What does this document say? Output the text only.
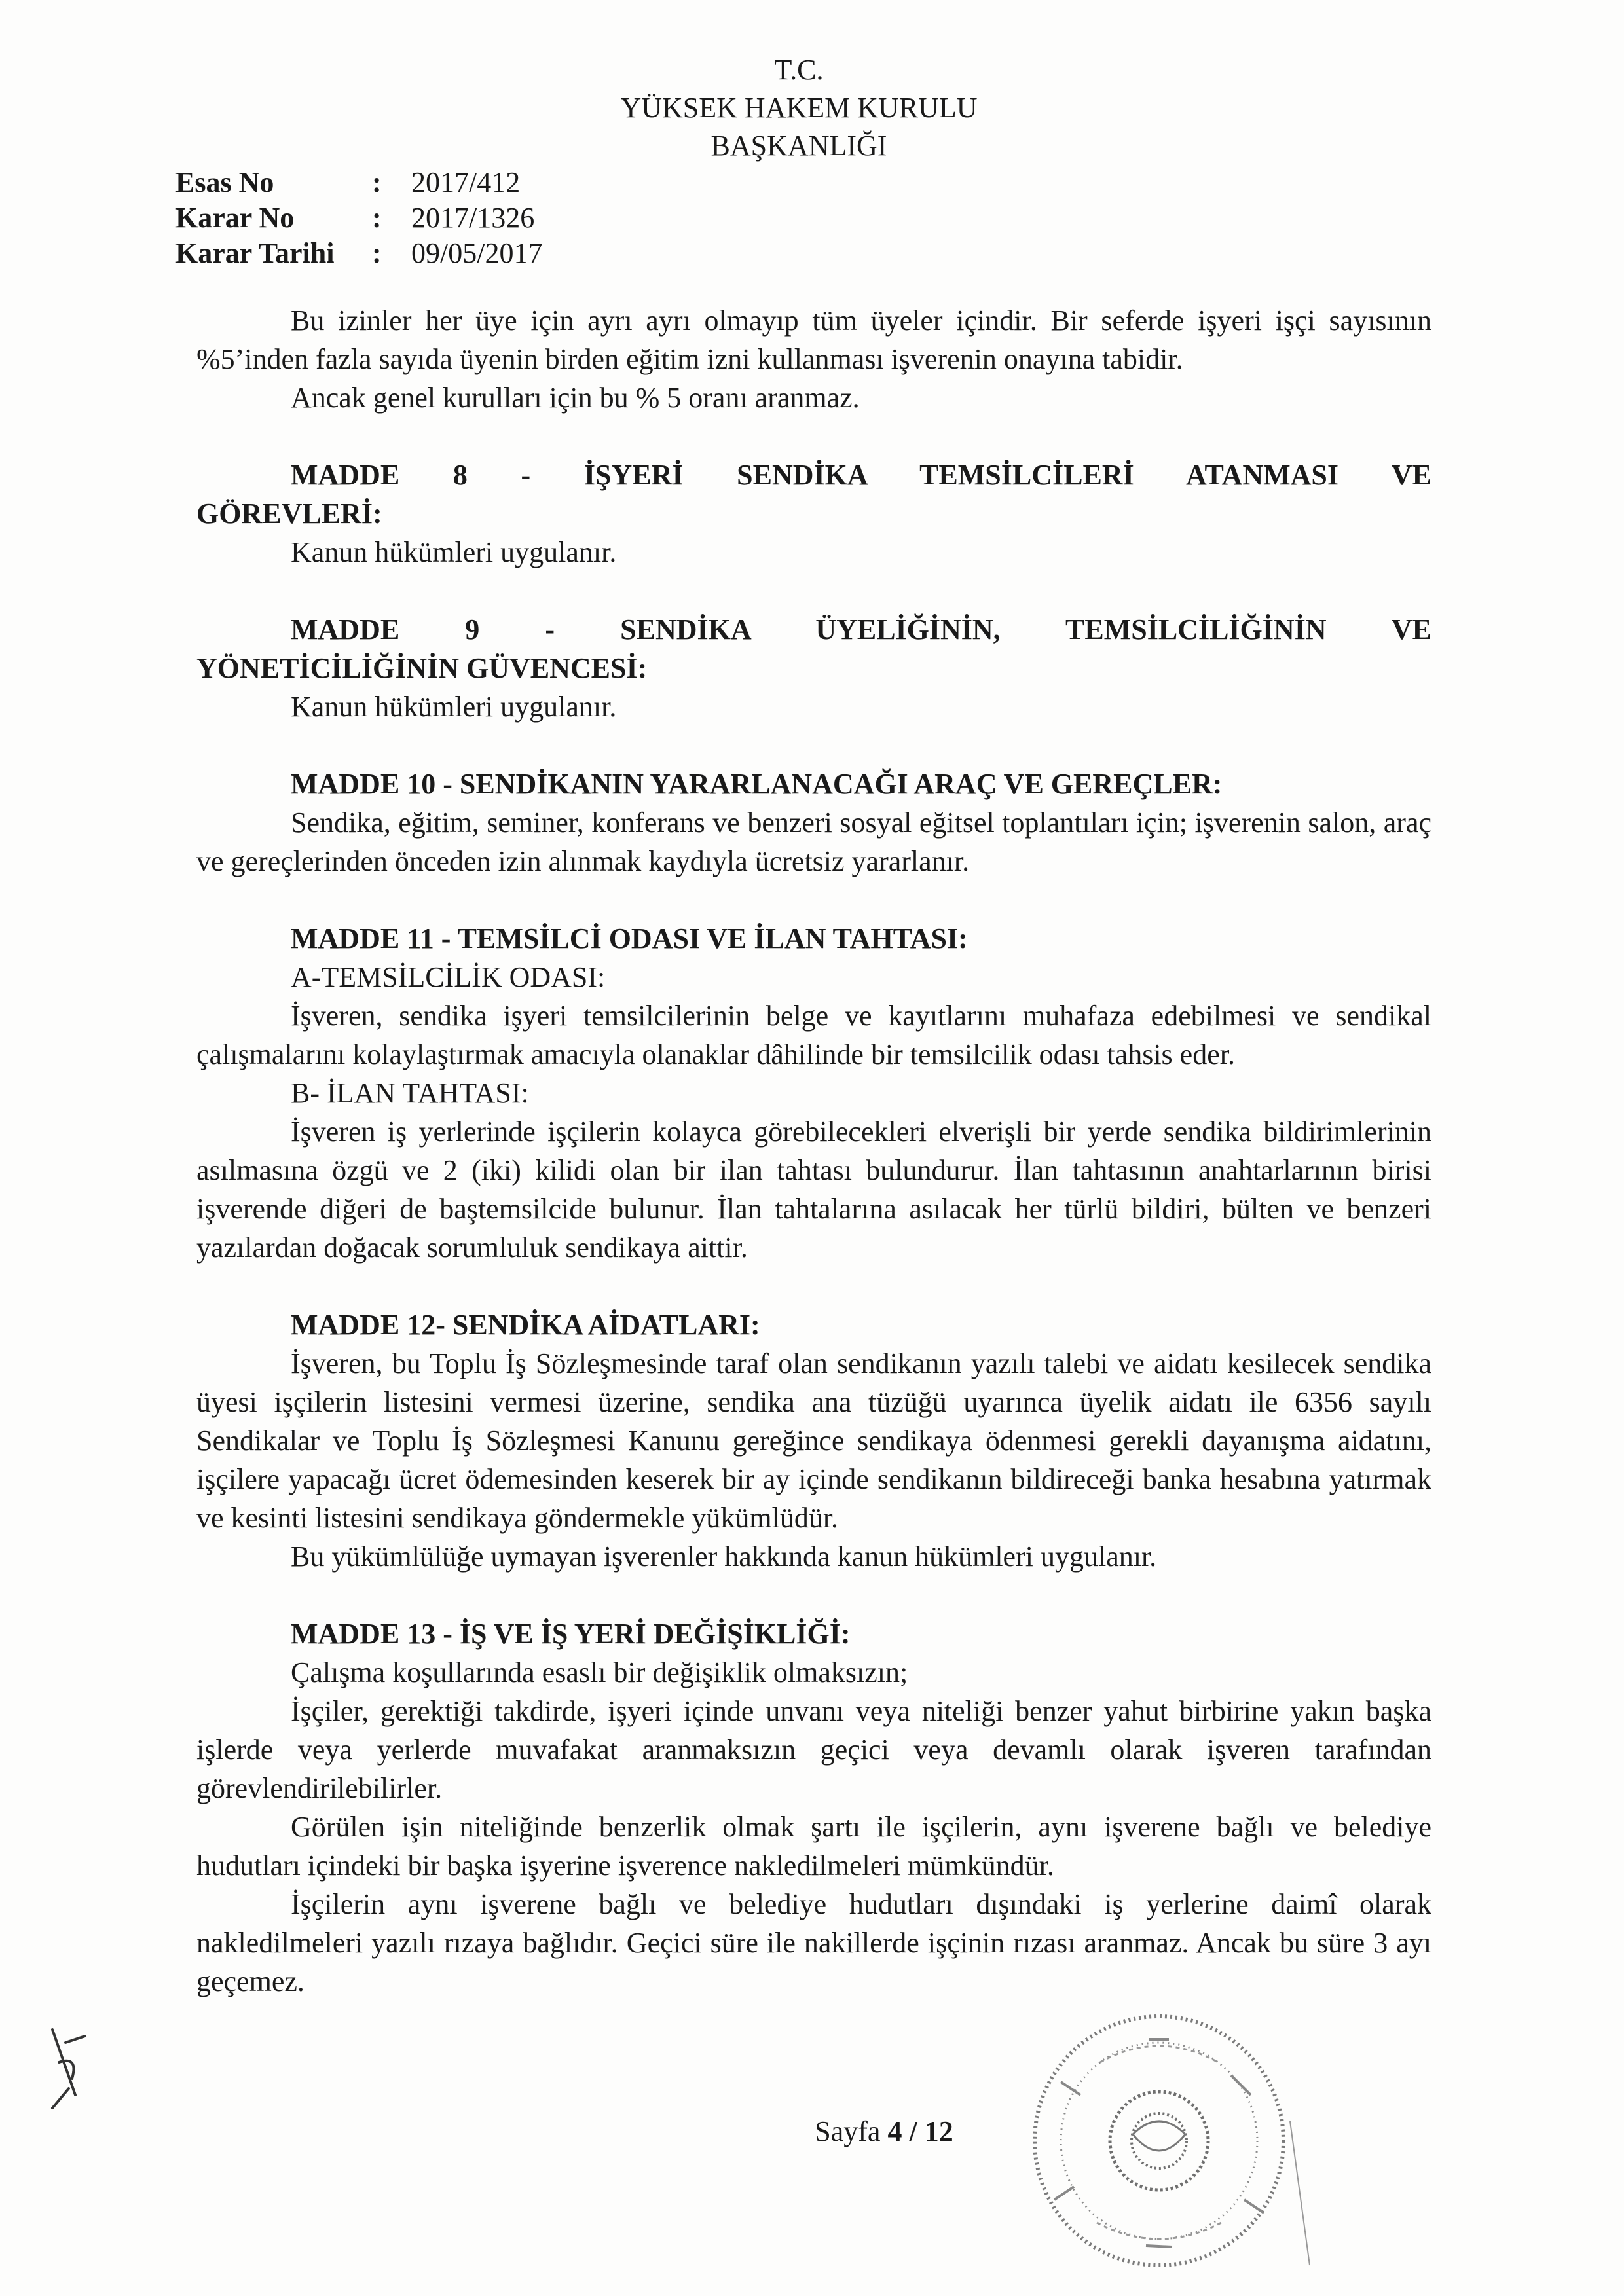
T.C.
YÜKSEK HAKEM KURULU
BAŞKANLIĞI
Esas No	: 2017/412
Karar No	: 2017/1326
Karar Tarihi : 09/05/2017

Bu izinler her üye için ayrı ayrı olmayıp tüm üyeler içindir. Bir seferde işyeri işçi sayısının %5’inden fazla sayıda üyenin birden eğitim izni kullanması işverenin onayına tabidir.

Ancak genel kurulları için bu % 5 oranı aranmaz.

MADDE 8 - İŞYERİ SENDİKA TEMSİLCİLERİ ATANMASI VE

GÖREVLERİ:

Kanun hükümleri uygulanır.

MADDE 9 - SENDİKA ÜYELİĞİNİN, TEMSİLCİLİĞİNİN VE

YÖNETİCİLİĞİNİN GÜVENCESİ:

Kanun hükümleri uygulanır.

MADDE 10 - SENDİKANIN YARARLANACAĞI ARAÇ VE GEREÇLER:

Sendika, eğitim, seminer, konferans ve benzeri sosyal eğitsel toplantıları için; işverenin salon, araç ve gereçlerinden önceden izin alınmak kaydıyla ücretsiz yararlanır.

MADDE 11 - TEMSİLCİ ODASI VE İLAN TAHTASI:

A-TEMSİLCİLİK ODASI:

İşveren, sendika işyeri temsilcilerinin belge ve kayıtlarını muhafaza edebilmesi ve sendikal çalışmalarını kolaylaştırmak amacıyla olanaklar dâhilinde bir temsilcilik odası tahsis eder.

B- İLAN TAHTASI:

İşveren iş yerlerinde işçilerin kolayca görebilecekleri elverişli bir yerde sendika bildirimlerinin asılmasına özgü ve 2 (iki) kilidi olan bir ilan tahtası bulundurur. İlan tahtasının anahtarlarının birisi işverende diğeri de baştemsilcide bulunur. İlan tahtalarına asılacak her türlü bildiri, bülten ve benzeri yazılardan doğacak sorumluluk sendikaya aittir.

MADDE 12- SENDİKA AİDATLARI:

İşveren, bu Toplu İş Sözleşmesinde taraf olan sendikanın yazılı talebi ve aidatı kesilecek sendika üyesi işçilerin listesini vermesi üzerine, sendika ana tüzüğü uyarınca üyelik aidatı ile 6356 sayılı Sendikalar ve Toplu İş Sözleşmesi Kanunu gereğince sendikaya ödenmesi gerekli dayanışma aidatını, işçilere yapacağı ücret ödemesinden keserek bir ay içinde sendikanın bildireceği banka hesabına yatırmak ve kesinti listesini sendikaya göndermekle yükümlüdür.

Bu yükümlülüğe uymayan işverenler hakkında kanun hükümleri uygulanır.

MADDE 13 - İŞ VE İŞ YERİ DEĞİŞİKLİĞİ:

Çalışma koşullarında esaslı bir değişiklik olmaksızın;

İşçiler, gerektiği takdirde, işyeri içinde unvanı veya niteliği benzer yahut birbirine yakın başka işlerde veya yerlerde muvafakat aranmaksızın geçici veya devamlı olarak işveren tarafından görevlendirilebilirler.

Görülen işin niteliğinde benzerlik olmak şartı ile işçilerin, aynı işverene bağlı ve belediye hudutları içindeki bir başka işyerine işverence nakledilmeleri mümkündür.

İşçilerin aynı işverene bağlı ve belediye hudutları dışındaki iş yerlerine daimî olarak nakledilmeleri yazılı rızaya bağlıdır. Geçici süre ile nakillerde işçinin rızası aranmaz. Ancak bu süre 3 ayı geçemez.

Sayfa 4 / 12
